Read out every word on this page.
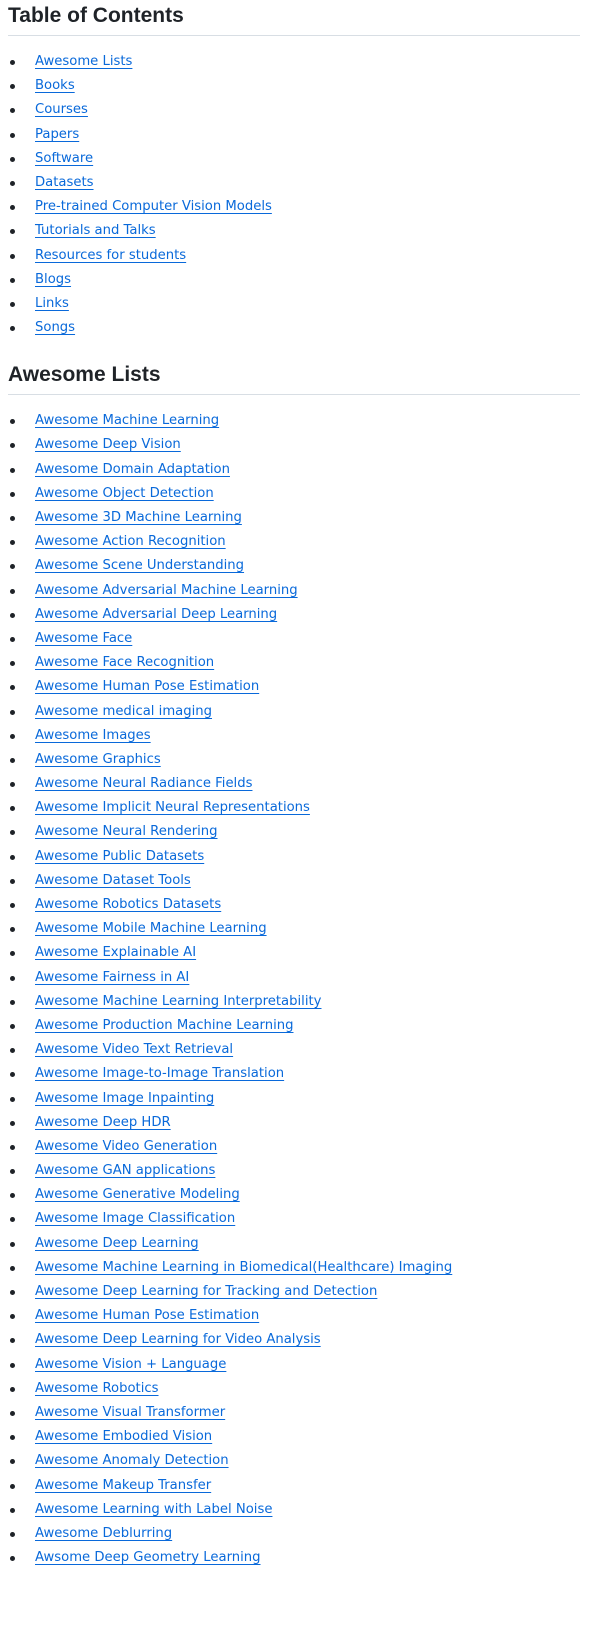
Table of Contents
Awesome Lists
Books
Courses
Papers
Software
Datasets
Pre-trained Computer Vision Models
Tutorials and Talks
Resources for students
Blogs
Links
Songs
Awesome Lists
Awesome Machine Learning
Awesome Deep Vision
Awesome Domain Adaptation
Awesome Object Detection
Awesome 3D Machine Learning
Awesome Action Recognition
Awesome Scene Understanding
Awesome Adversarial Machine Learning
Awesome Adversarial Deep Learning
Awesome Face
Awesome Face Recognition
Awesome Human Pose Estimation
Awesome medical imaging
Awesome Images
Awesome Graphics
Awesome Neural Radiance Fields
Awesome Implicit Neural Representations
Awesome Neural Rendering
Awesome Public Datasets
Awesome Dataset Tools
Awesome Robotics Datasets
Awesome Mobile Machine Learning
Awesome Explainable AI
Awesome Fairness in AI
Awesome Machine Learning Interpretability
Awesome Production Machine Learning
Awesome Video Text Retrieval
Awesome Image-to-Image Translation
Awesome Image Inpainting
Awesome Deep HDR
Awesome Video Generation
Awesome GAN applications
Awesome Generative Modeling
Awesome Image Classification
Awesome Deep Learning
Awesome Machine Learning in Biomedical(Healthcare) Imaging
Awesome Deep Learning for Tracking and Detection
Awesome Human Pose Estimation
Awesome Deep Learning for Video Analysis
Awesome Vision + Language
Awesome Robotics
Awesome Visual Transformer
Awesome Embodied Vision
Awesome Anomaly Detection
Awesome Makeup Transfer
Awesome Learning with Label Noise
Awesome Deblurring
Awsome Deep Geometry Learning
